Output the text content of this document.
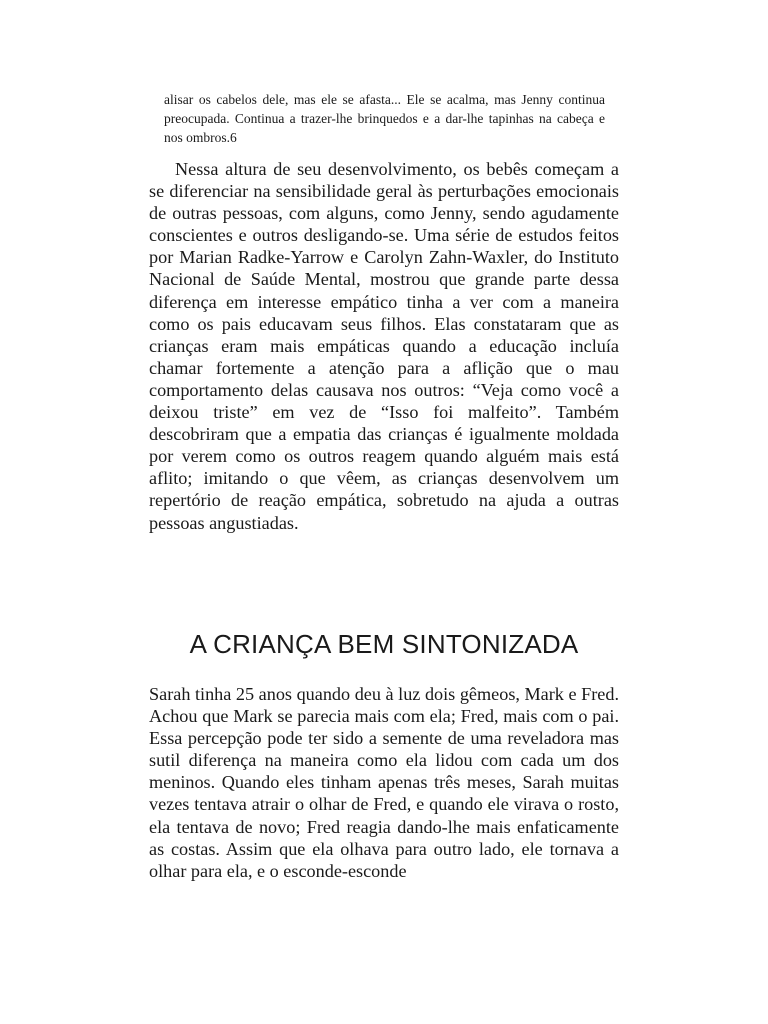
alisar os cabelos dele, mas ele se afasta... Ele se acalma, mas Jenny continua preocupada. Continua a trazer-lhe brinquedos e a dar-lhe tapinhas na cabeça e nos ombros.6

Nessa altura de seu desenvolvimento, os bebês começam a se diferenciar na sensibilidade geral às perturbações emocionais de outras pessoas, com alguns, como Jenny, sendo agudamente conscientes e outros desligando-se. Uma série de estudos feitos por Marian Radke-Yarrow e Carolyn Zahn-Waxler, do Instituto Nacional de Saúde Mental, mostrou que grande parte dessa diferença em interesse empático tinha a ver com a maneira como os pais educavam seus filhos. Elas constataram que as crianças eram mais empáticas quando a educação incluía chamar fortemente a atenção para a aflição que o mau comportamento delas causava nos outros: “Veja como você a deixou triste” em vez de “Isso foi malfeito”. Também descobriram que a empatia das crianças é igualmente moldada por verem como os outros reagem quando alguém mais está aflito; imitando o que vêem, as crianças desenvolvem um repertório de reação empática, sobretudo na ajuda a outras pessoas angustiadas.

A CRIANÇA BEM SINTONIZADA

Sarah tinha 25 anos quando deu à luz dois gêmeos, Mark e Fred. Achou que Mark se parecia mais com ela; Fred, mais com o pai. Essa percepção pode ter sido a semente de uma reveladora mas sutil diferença na maneira como ela lidou com cada um dos meninos. Quando eles tinham apenas três meses, Sarah muitas vezes tentava atrair o olhar de Fred, e quando ele virava o rosto, ela tentava de novo; Fred reagia dando-lhe mais enfaticamente as costas. Assim que ela olhava para outro lado, ele tornava a olhar para ela, e o esconde-esconde
